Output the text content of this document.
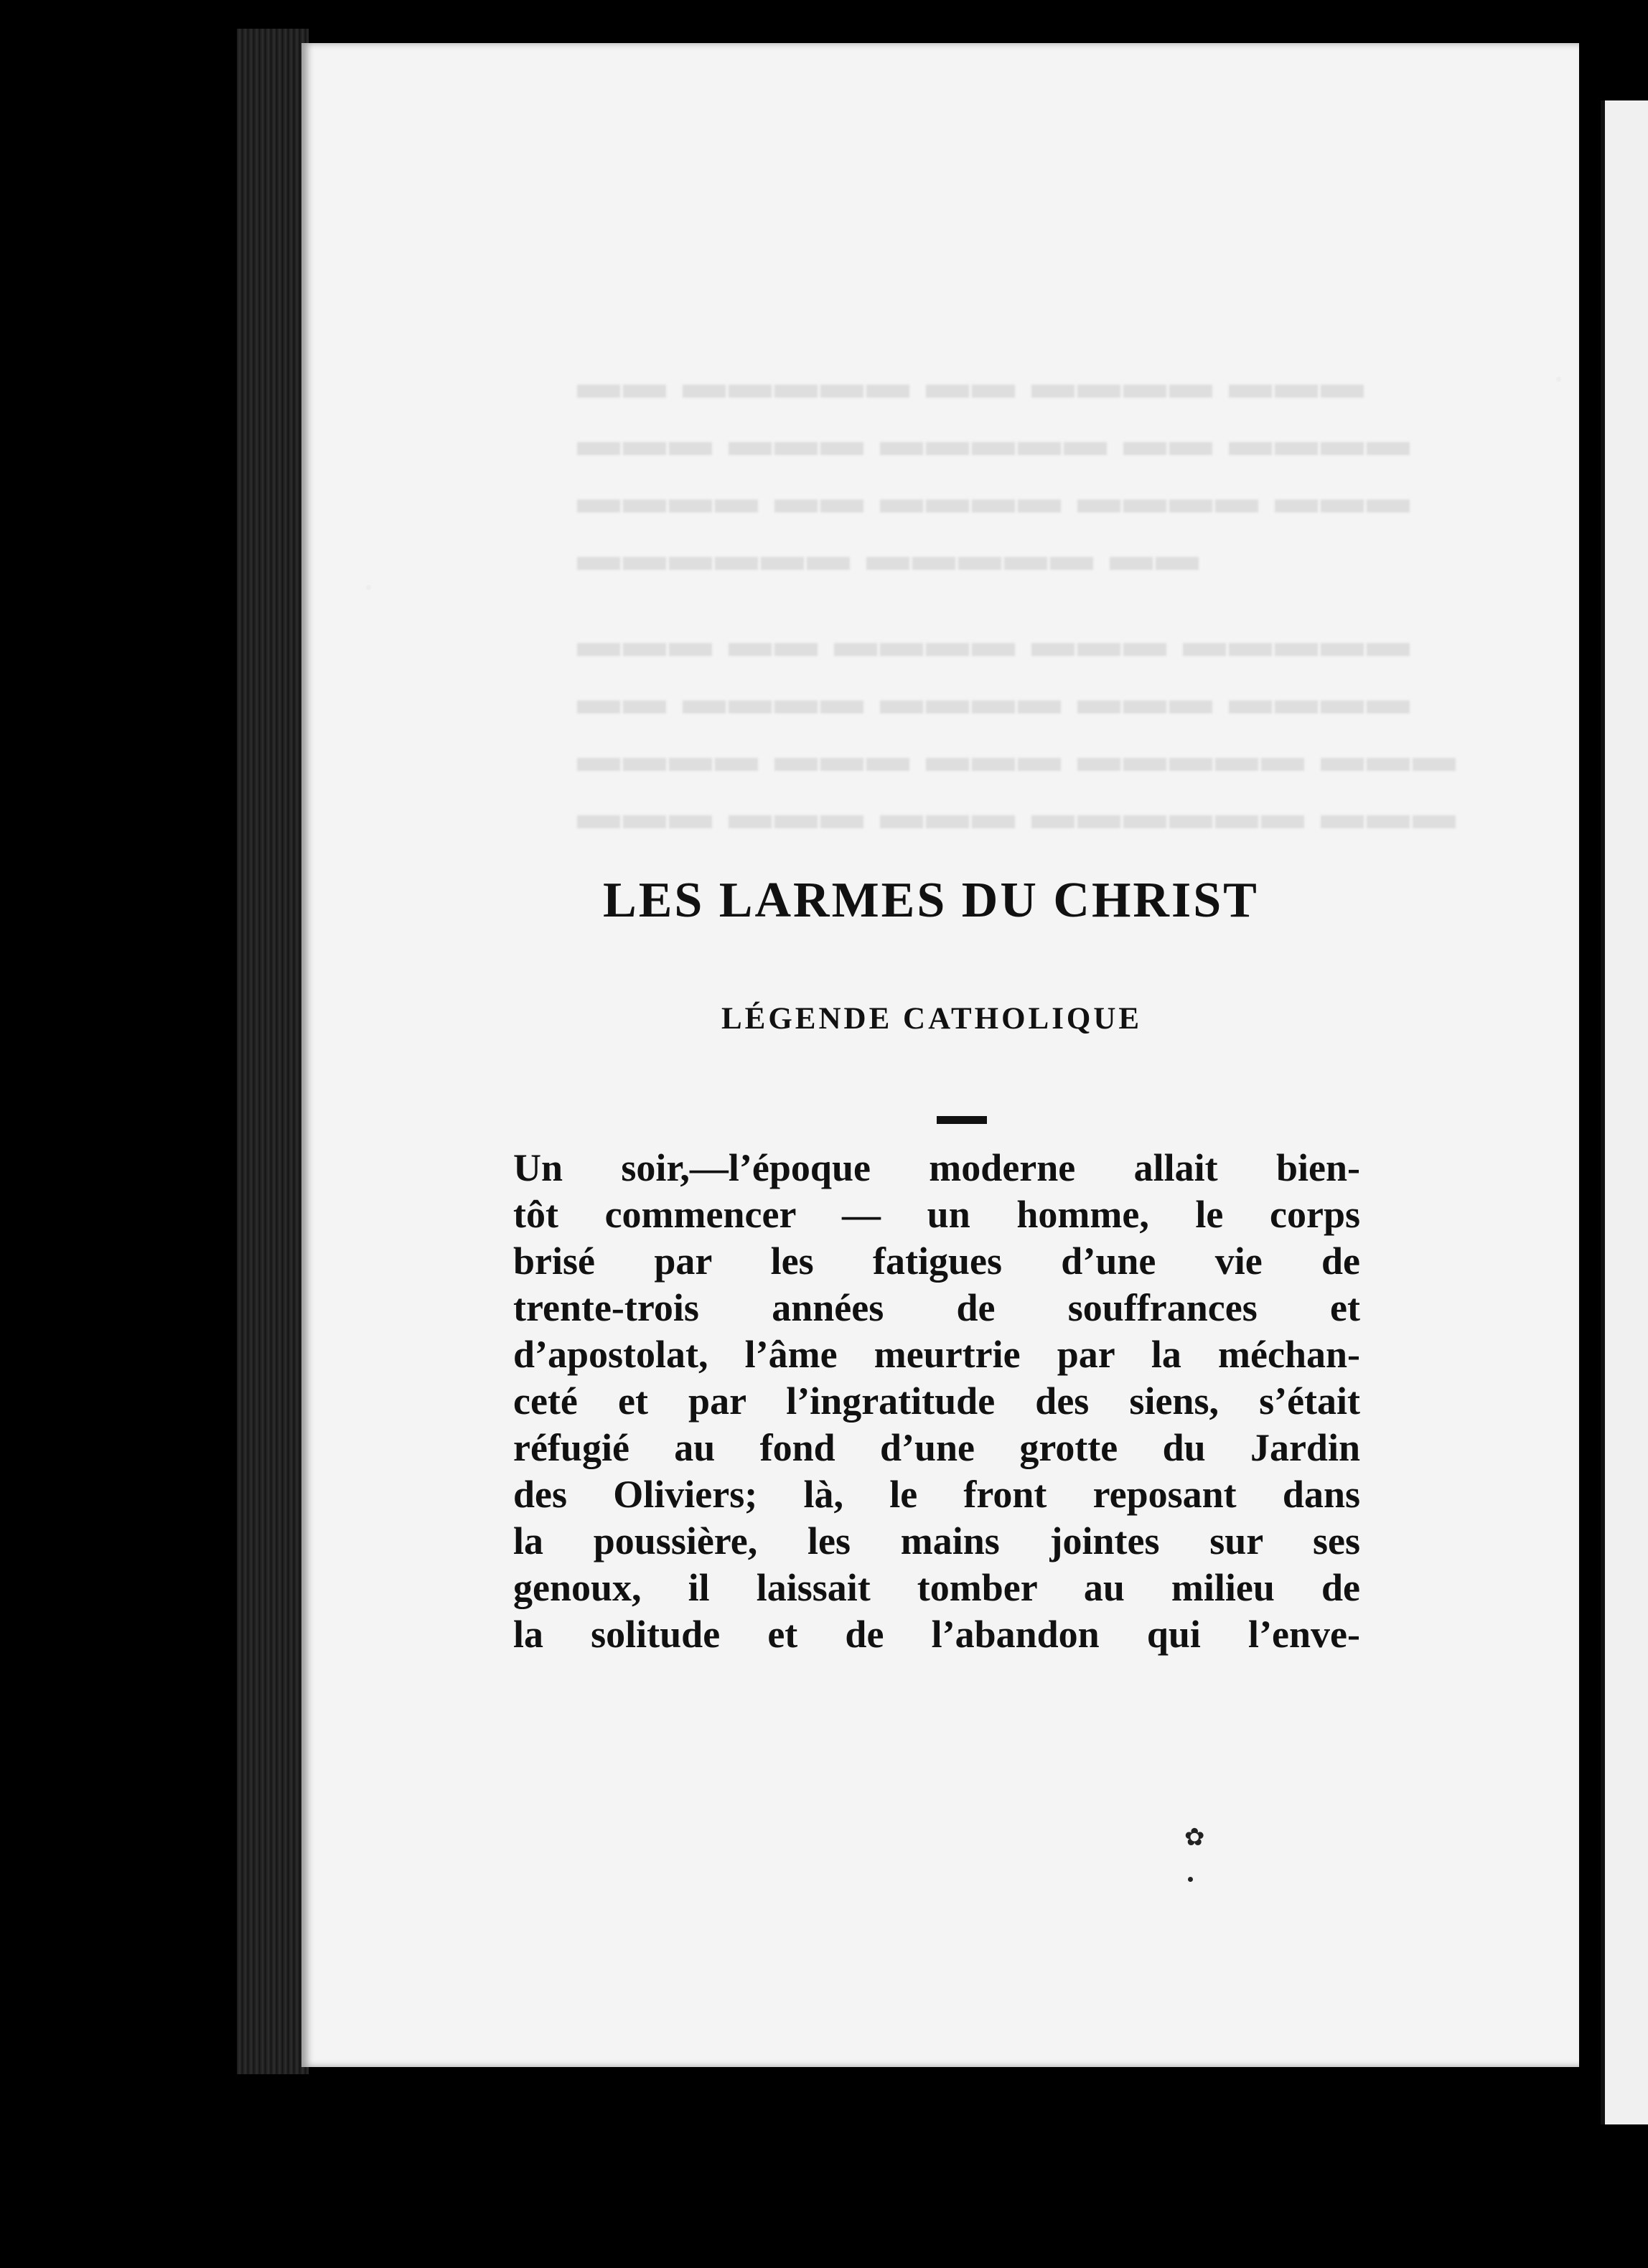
▬▬▬ ▬▬▬▬ ▬▬ ▬▬▬▬▬ ▬▬
▬▬▬▬ ▬▬ ▬▬▬▬▬ ▬▬▬ ▬▬▬
▬▬▬ ▬▬▬▬ ▬▬▬▬ ▬▬ ▬▬▬▬
▬▬ ▬▬▬▬▬ ▬▬▬▬▬▬
▬▬▬▬▬ ▬▬▬ ▬▬▬▬ ▬▬ ▬▬▬
▬▬▬▬ ▬▬▬ ▬▬▬▬ ▬▬▬▬ ▬▬
▬▬▬ ▬▬▬▬▬ ▬▬▬ ▬▬▬ ▬▬▬▬
▬▬▬ ▬▬▬▬▬▬ ▬▬▬ ▬▬▬ ▬▬▬
LES LARMES DU CHRIST
LÉGENDE CATHOLIQUE
Un soir,—l’époque moderne allait bien-
tôt commencer — un homme, le corps
brisé par les fatigues d’une vie de
trente-trois années de souffrances et
d’apostolat, l’âme meurtrie par la méchan-
ceté et par l’ingratitude des siens, s’était
réfugié au fond d’une grotte du Jardin
des Oliviers; là, le front reposant dans
la poussière, les mains jointes sur ses
genoux, il laissait tomber au milieu de
la solitude et de l’abandon qui l’enve-
✿
